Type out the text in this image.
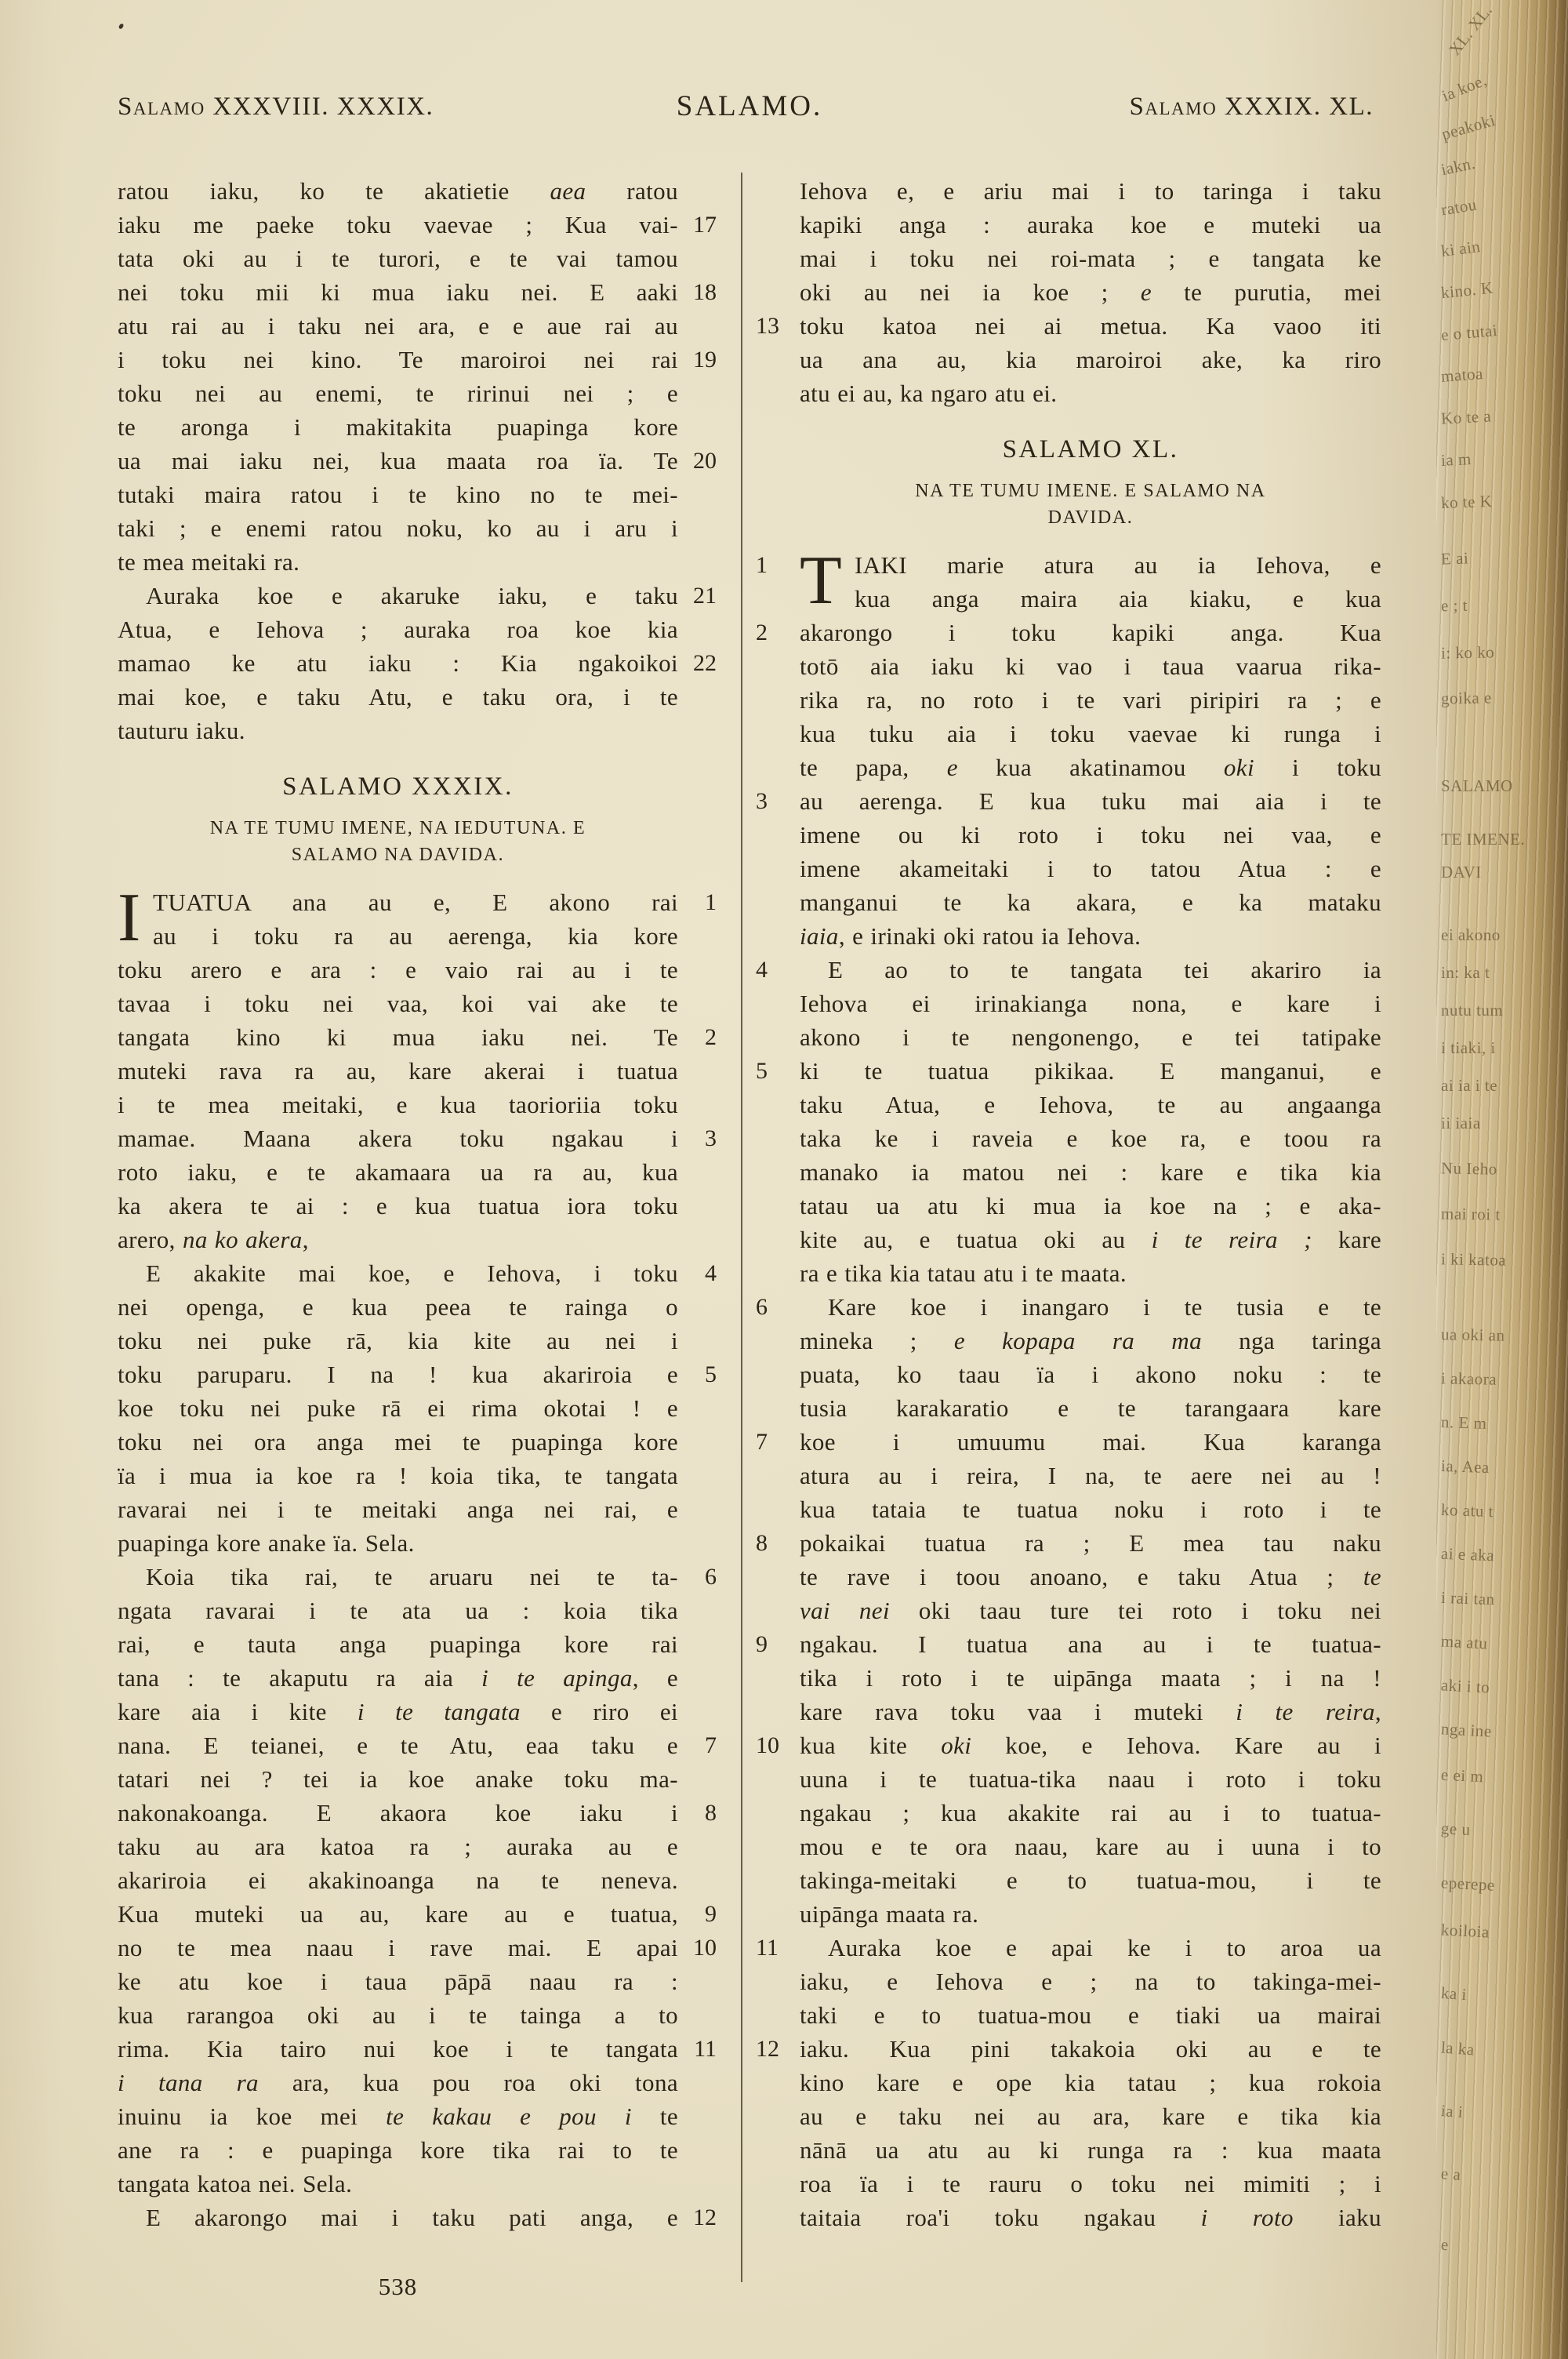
Salamo XXXVIII. XXXIX.	SALAMO.	Salamo XXXIX. XL.
ratou iaku, ko te akatietie aea ratou
iaku me paeke toku vaevae ; Kua vai-
tata oki au i te turori, e te vai tamou
nei toku mii ki mua iaku nei. E aaki
atu rai au i taku nei ara, e e aue rai au
i toku nei kino. Te maroiroi nei rai
toku nei au enemi, te ririnui nei ; e
te aronga i makitakita puapinga kore
ua mai iaku nei, kua maata roa ïa. Te
tutaki maira ratou i te kino no te mei-
taki ; e enemi ratou noku, ko au i aru i
te mea meitaki ra.
Auraka koe e akaruke iaku, e taku
Atua, e Iehova ; auraka roa koe kia
mamao ke atu iaku : Kia ngakoikoi
mai koe, e taku Atu, e taku ora, i te
tauturu iaku.
SALAMO XXXIX.
NA TE TUMU IMENE, NA IEDUTUNA. E
SALAMO NA DAVIDA.
I TUATUA ana au e, E akono rai
au i toku ra au aerenga, kia kore
toku arero e ara : e vaio rai au i te
tavaa i toku nei vaa, koi vai ake te
tangata kino ki mua iaku nei. Te
muteki rava ra au, kare akerai i tuatua
i te mea meitaki, e kua taorioriia toku
mamae. Maana akera toku ngakau i
roto iaku, e te akamaara ua ra au, kua
ka akera te ai : e kua tuatua iora toku
arero, na ko akera,
E akakite mai koe, e Iehova, i toku
nei openga, e kua peea te rainga o
toku nei puke rā, kia kite au nei i
toku paruparu. I na ! kua akariroia e
koe toku nei puke rā ei rima okotai ! e
toku nei ora anga mei te puapinga kore
ïa i mua ia koe ra ! koia tika, te tangata
ravarai nei i te meitaki anga nei rai, e
puapinga kore anake ïa. Sela.
Koia tika rai, te aruaru nei te ta-
ngata ravarai i te ata ua : koia tika
rai, e tauta anga puapinga kore rai
tana : te akaputu ra aia i te apinga, e
kare aia i kite i te tangata e riro ei
nana. E teianei, e te Atu, eaa taku e
tatari nei ? tei ia koe anake toku ma-
nakonakoanga. E akaora koe iaku i
taku au ara katoa ra ; auraka au e
akariroia ei akakinoanga na te neneva.
Kua muteki ua au, kare au e tuatua,
no te mea naau i rave mai. E apai
ke atu koe i taua pāpā naau ra :
kua rarangoa oki au i te tainga a to
rima. Kia tairo nui koe i te tangata
i tana ra ara, kua pou roa oki tona
inuinu ia koe mei te kakau e pou i te
ane ra : e puapinga kore tika rai to te
tangata katoa nei. Sela.
E akarongo mai i taku pati anga, e
17
18
19
20
21
22
1
2
3
4
5
6
7
8
9
10
11
12
Iehova e, e ariu mai i to taringa i taku
kapiki anga : auraka koe e muteki ua
mai i toku nei roi-mata ; e tangata ke
oki au nei ia koe ; e te purutia, mei
toku katoa nei ai metua. Ka vaoo iti
ua ana au, kia maroiroi ake, ka riro
atu ei au, ka ngaro atu ei.
SALAMO XL.
NA TE TUMU IMENE. E SALAMO NA
DAVIDA.
T IAKI marie atura au ia Iehova, e
kua anga maira aia kiaku, e kua
akarongo i toku kapiki anga. Kua
totō aia iaku ki vao i taua vaarua rika-
rika ra, no roto i te vari piripiri ra ; e
kua tuku aia i toku vaevae ki runga i
te papa, e kua akatinamou oki i toku
au aerenga. E kua tuku mai aia i te
imene ou ki roto i toku nei vaa, e
imene akameitaki i to tatou Atua : e
manganui te ka akara, e ka mataku
iaia, e irinaki oki ratou ia Iehova.
E ao to te tangata tei akariro ia
Iehova ei irinakianga nona, e kare i
akono i te nengonengo, e tei tatipake
ki te tuatua pikikaa. E manganui, e
taku Atua, e Iehova, te au angaanga
taka ke i raveia e koe ra, e toou ra
manako ia matou nei : kare e tika kia
tatau ua atu ki mua ia koe na ; e aka-
kite au, e tuatua oki au i te reira ; kare
ra e tika kia tatau atu i te maata.
Kare koe i inangaro i te tusia e te
mineka ; e kopapa ra ma nga taringa
puata, ko taau ïa i akono noku : te
tusia karakaratio e te tarangaara kare
koe i umuumu mai. Kua karanga
atura au i reira, I na, te aere nei au !
kua tataia te tuatua noku i roto i te
pokaikai tuatua ra ; E mea tau naku
te rave i toou anoano, e taku Atua ; te
vai nei oki taau ture tei roto i toku nei
ngakau. I tuatua ana au i te tuatua-
tika i roto i te uipānga maata ; i na !
kare rava toku vaa i muteki i te reira,
kua kite oki koe, e Iehova. Kare au i
uuna i te tuatua-tika naau i roto i toku
ngakau ; kua akakite rai au i to tuatua-
mou e te ora naau, kare au i uuna i to
takinga-meitaki e to tuatua-mou, i te
uipānga maata ra.
Auraka koe e apai ke i to aroa ua
iaku, e Iehova e ; na to takinga-mei-
taki e to tuatua-mou e tiaki ua mairai
iaku. Kua pini takakoia oki au e te
kino kare e ope kia tatau ; kua rokoia
au e taku nei au ara, kare e tika kia
nānā ua atu au ki runga ra : kua maata
roa ïa i te rauru o toku nei mimiti ; i
taitaia roa'i toku ngakau i roto iaku
13
1
2
3
4
5
6
7
8
9
10
11
12
538
XL. XL.
ia koe,
peakoki
iakn.
ratou
ki ain
kino. K
e o tutai
matoa
Ko te a
ia m
ko te K
E ai
e ; t
i: ko ko
goika e
SALAMO
TE IMENE.
DAVI
ei akono
in: ka t
nutu tum
i tiaki, i
ai ia i te
ii iaia
Nu Ieho
mai roi t
i ki katoa
ua oki an
i akaora
n. E m
ia, Aea
ko atu t
ai e aka
i rai tan
ma atu
aki i to
nga ine
e ei m
ge u
eperepe
koiloia
ka i
la ka
ia i
e a
e
